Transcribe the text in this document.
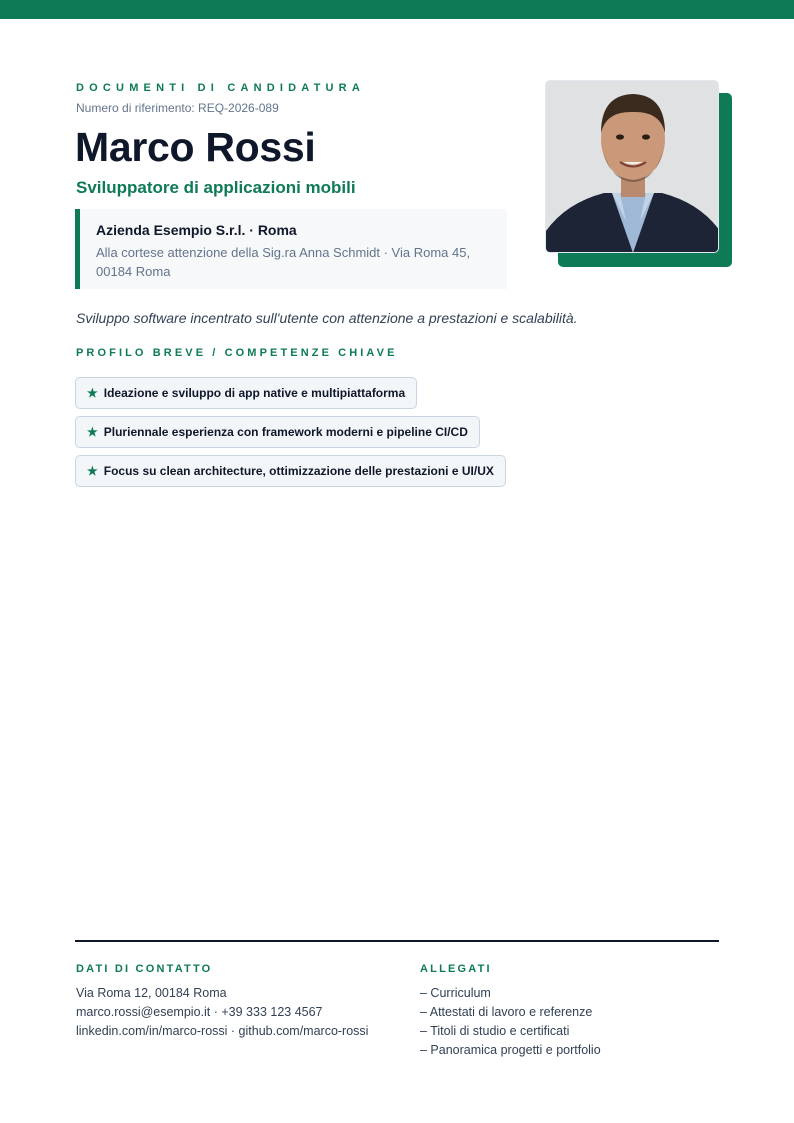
DOCUMENTI DI CANDIDATURA
Numero di riferimento: REQ-2026-089
Marco Rossi
Sviluppatore di applicazioni mobili
Azienda Esempio S.r.l. · Roma
Alla cortese attenzione della Sig.ra Anna Schmidt · Via Roma 45, 00184 Roma
Sviluppo software incentrato sull'utente con attenzione a prestazioni e scalabilità.
PROFILO BREVE / COMPETENZE CHIAVE
★ Ideazione e sviluppo di app native e multipiattaforma
★ Pluriennale esperienza con framework moderni e pipeline CI/CD
★ Focus su clean architecture, ottimizzazione delle prestazioni e UI/UX
DATI DI CONTATTO
Via Roma 12, 00184 Roma
marco.rossi@esempio.it · +39 333 123 4567
linkedin.com/in/marco-rossi · github.com/marco-rossi
ALLEGATI
– Curriculum
– Attestati di lavoro e referenze
– Titoli di studio e certificati
– Panoramica progetti e portfolio
